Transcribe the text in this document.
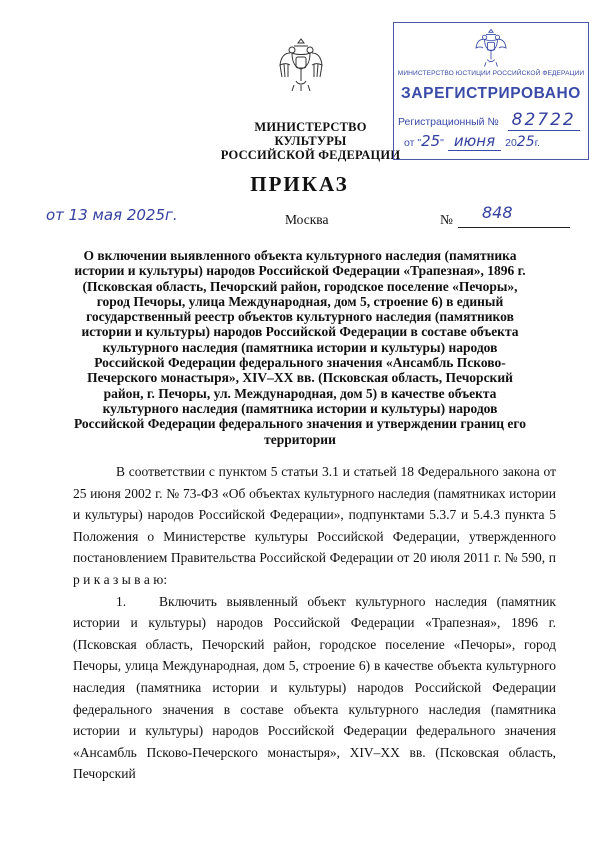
МИНИСТЕРСТВО КУЛЬТУРЫ
РОССИЙСКОЙ ФЕДЕРАЦИИ
МИНИСТЕРСТВО ЮСТИЦИИ РОССИЙСКОЙ ФЕДЕРАЦИИ
ЗАРЕГИСТРИРОВАНО
Регистрационный № 82722
от "25" июня 2025г.
ПРИКАЗ
от 13 мая 2025г.	Москва	№ 848
О включении выявленного объекта культурного наследия (памятника истории и культуры) народов Российской Федерации «Трапезная», 1896 г. (Псковская область, Печорский район, городское поселение «Печоры», город Печоры, улица Международная, дом 5, строение 6) в единый государственный реестр объектов культурного наследия (памятников истории и культуры) народов Российской Федерации в составе объекта культурного наследия (памятника истории и культуры) народов Российской Федерации федерального значения «Ансамбль Псково-Печерского монастыря», XIV–XX вв. (Псковская область, Печорский район, г. Печоры, ул. Международная, дом 5) в качестве объекта культурного наследия (памятника истории и культуры) народов Российской Федерации федерального значения и утверждении границ его территории

В соответствии с пунктом 5 статьи 3.1 и статьей 18 Федерального закона от 25 июня 2002 г. № 73-ФЗ «Об объектах культурного наследия (памятниках истории и культуры) народов Российской Федерации», подпунктами 5.3.7 и 5.4.3 пункта 5 Положения о Министерстве культуры Российской Федерации, утвержденного постановлением Правительства Российской Федерации от 20 июля 2011 г. № 590, п р и к а з ы в а ю:

1. Включить выявленный объект культурного наследия (памятник истории и культуры) народов Российской Федерации «Трапезная», 1896 г. (Псковская область, Печорский район, городское поселение «Печоры», город Печоры, улица Международная, дом 5, строение 6) в качестве объекта культурного наследия (памятника истории и культуры) народов Российской Федерации федерального значения в составе объекта культурного наследия (памятника истории и культуры) народов Российской Федерации федерального значения «Ансамбль Псково-Печерского монастыря», XIV–XX вв. (Псковская область, Печорский
